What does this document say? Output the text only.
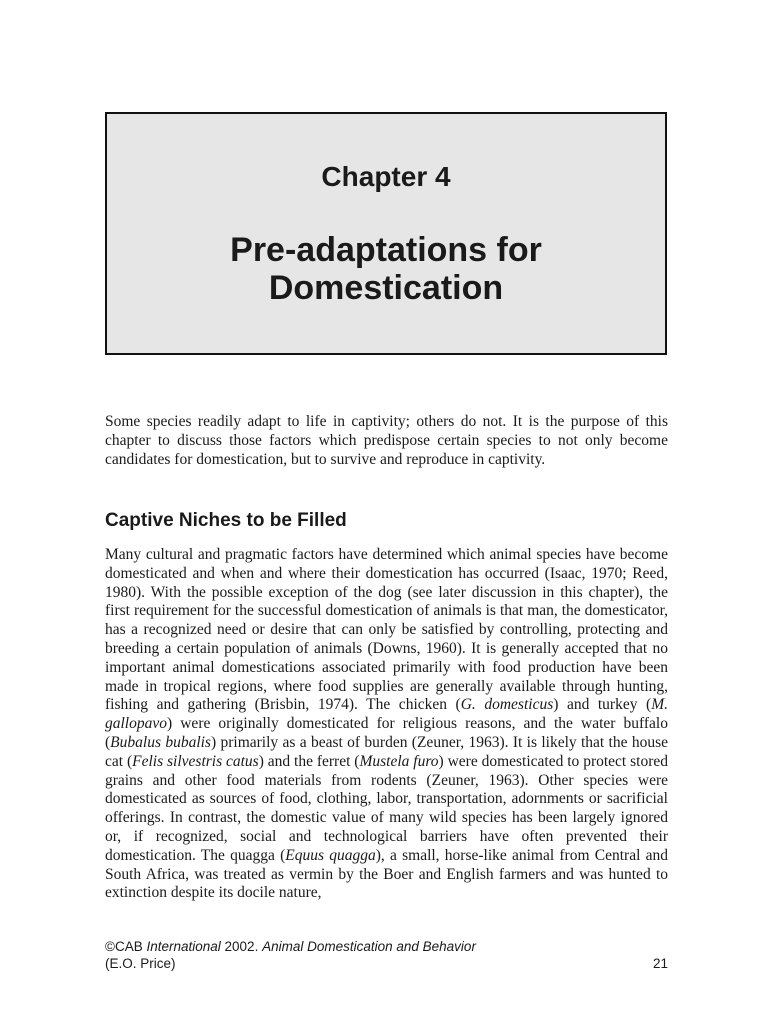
Chapter 4
Pre-adaptations for
Domestication

Some species readily adapt to life in captivity; others do not. It is the purpose of this chapter to discuss those factors which predispose certain species to not only become candidates for domestication, but to survive and reproduce in captivity.

Captive Niches to be Filled

Many cultural and pragmatic factors have determined which animal species have become domesticated and when and where their domestication has occurred (Isaac, 1970; Reed, 1980). With the possible exception of the dog (see later discussion in this chapter), the first requirement for the successful domestication of animals is that man, the domesticator, has a recognized need or desire that can only be satisfied by controlling, protecting and breeding a certain population of animals (Downs, 1960). It is generally accepted that no important animal domestications associated primarily with food production have been made in tropical regions, where food supplies are generally available through hunting, fishing and gathering (Brisbin, 1974). The chicken (G. domesticus) and turkey (M. gallopavo) were originally domesticated for religious reasons, and the water buffalo (Bubalus bubalis) primarily as a beast of burden (Zeuner, 1963). It is likely that the house cat (Felis silvestris catus) and the ferret (Mustela furo) were domesticated to protect stored grains and other food materials from rodents (Zeuner, 1963). Other species were domesticated as sources of food, clothing, labor, transportation, adornments or sacrificial offerings. In contrast, the domestic value of many wild species has been largely ignored or, if recognized, social and technological barriers have often prevented their domestication. The quagga (Equus quagga), a small, horse-like animal from Central and South Africa, was treated as vermin by the Boer and English farmers and was hunted to extinction despite its docile nature,

©CAB International 2002. Animal Domestication and Behavior
(E.O. Price)	21
